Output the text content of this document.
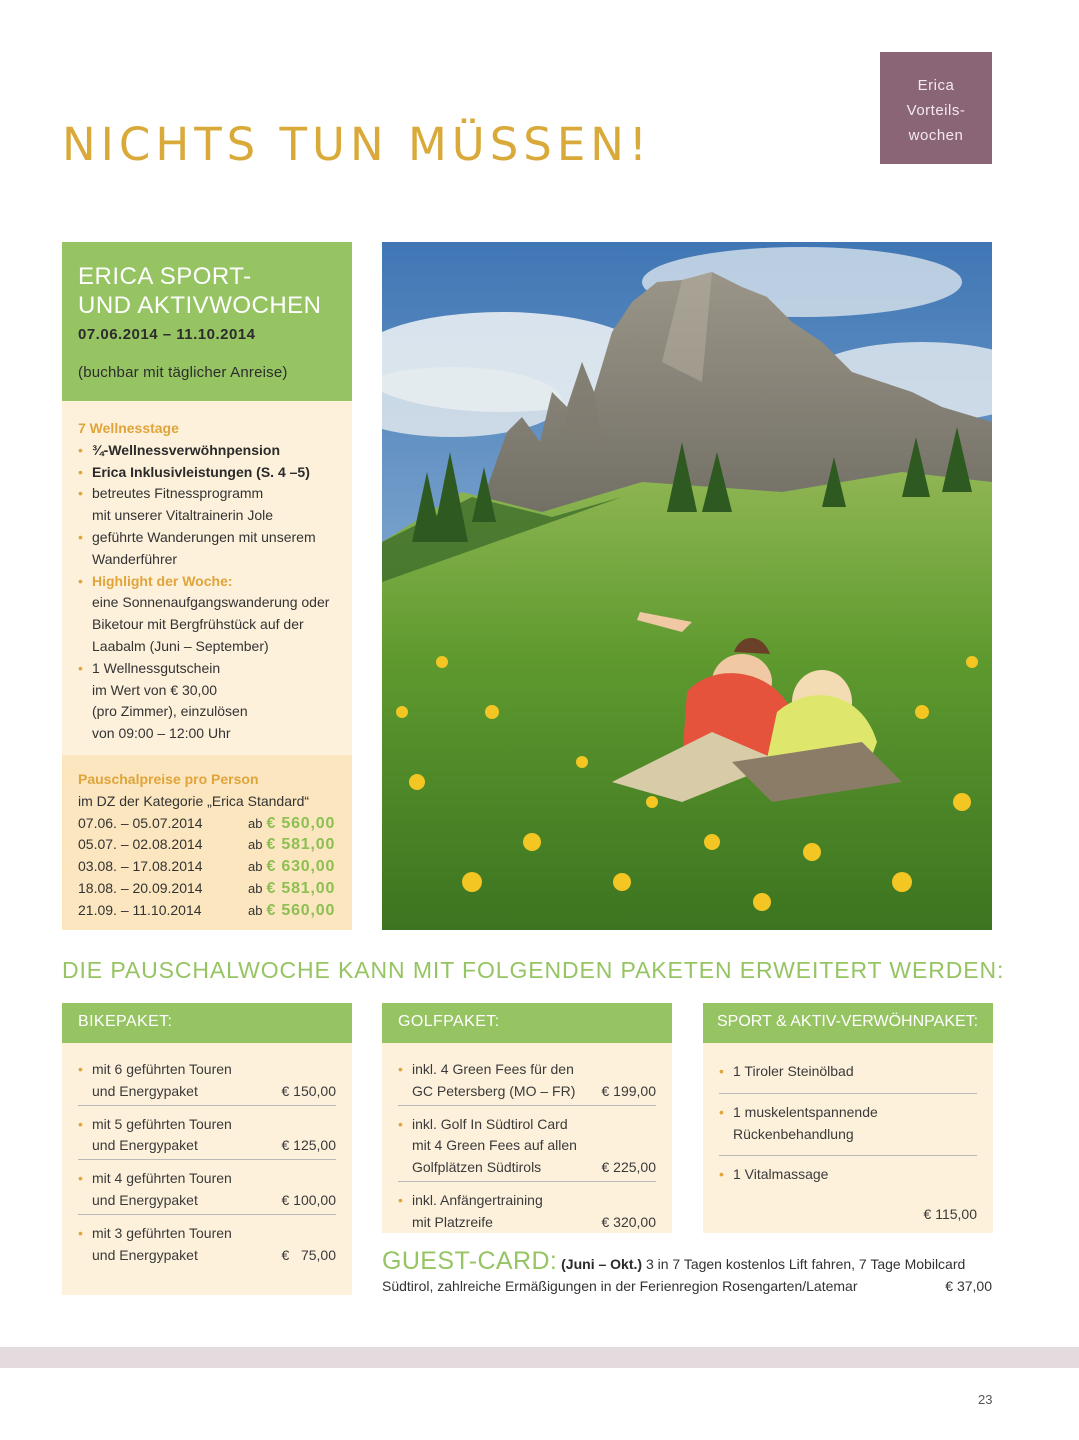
Erica
Vorteils-
wochen
NICHTS TUN MÜSSEN!
ERICA SPORT-
UND AKTIVWOCHEN
07.06.2014 – 11.10.2014
(buchbar mit täglicher Anreise)
7 Wellnesstage
• ¾-Wellnessverwöhnpension
• Erica Inklusivleistungen (S. 4 –5)
• betreutes Fitnessprogramm
mit unserer Vitaltrainerin Jole
• geführte Wanderungen mit unserem
Wanderführer
• Highlight der Woche:
eine Sonnenaufgangswanderung oder
Biketour mit Bergfrühstück auf der
Laabalm (Juni – September)
• 1 Wellnessgutschein
im Wert von € 30,00
(pro Zimmer), einzulösen
von 09:00 – 12:00 Uhr
Pauschalpreise pro Person
im DZ der Kategorie „Erica Standard“
07.06. – 05.07.2014	ab € 560,00
05.07. – 02.08.2014	ab € 581,00
03.08. – 17.08.2014	ab € 630,00
18.08. – 20.09.2014	ab € 581,00
21.09. – 11.10.2014	ab € 560,00
DIE PAUSCHALWOCHE KANN MIT FOLGENDEN PAKETEN ERWEITERT WERDEN:
BIKEPAKET:
• mit 6 geführten Touren
und Energypaket	€ 150,00
• mit 5 geführten Touren
und Energypaket	€ 125,00
• mit 4 geführten Touren
und Energypaket	€ 100,00
• mit 3 geführten Touren
und Energypaket	€   75,00
GOLFPAKET:
• inkl. 4 Green Fees für den
GC Petersberg (MO – FR) € 199,00
• inkl. Golf In Südtirol Card
mit 4 Green Fees auf allen
Golfplätzen Südtirols	€ 225,00
• inkl. Anfängertraining
mit Platzreife	€ 320,00
SPORT & AKTIV-VERWÖHNPAKET:
• 1 Tiroler Steinölbad
• 1 muskelentspannende
Rückenbehandlung
• 1 Vitalmassage
€ 115,00
GUEST-CARD: (Juni – Okt.) 3 in 7 Tagen kostenlos Lift fahren, 7 Tage Mobilcard
Südtirol, zahlreiche Ermäßigungen in der Ferienregion Rosengarten/Latemar	€ 37,00
23
